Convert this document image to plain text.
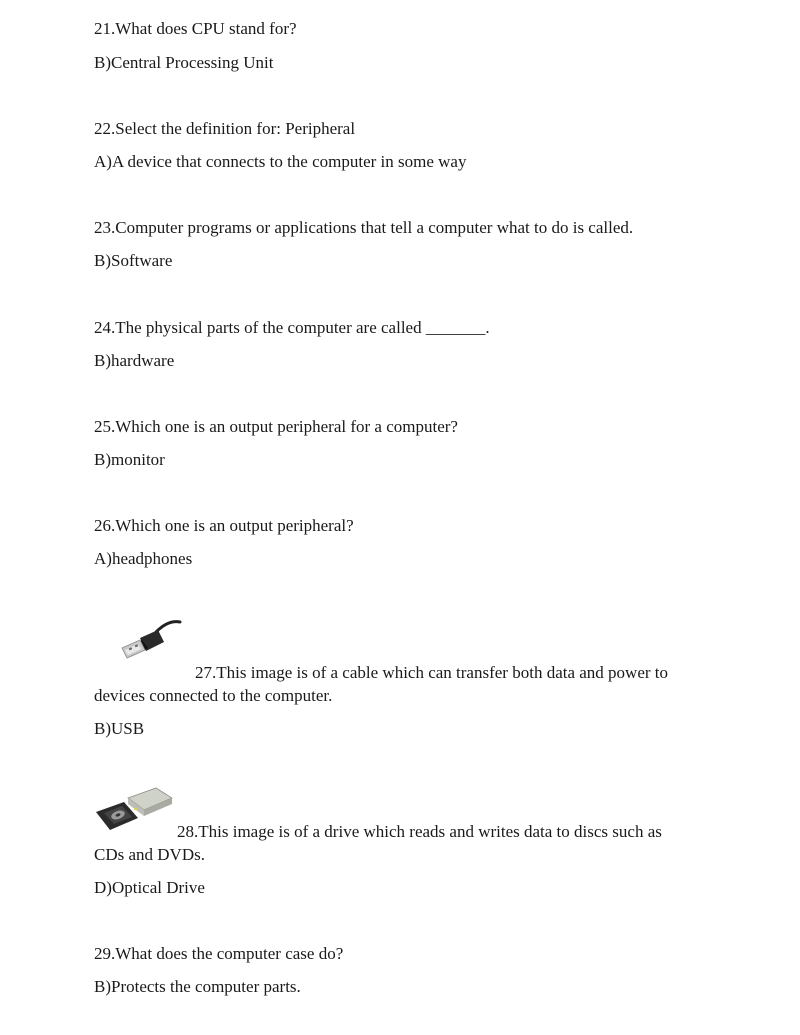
21.What does CPU stand for?
B)Central Processing Unit
22.Select the definition for: Peripheral
A)A device that connects to the computer in some way
23.Computer programs or applications that tell a computer what to do is called.
B)Software
24.The physical parts of the computer are called _______.
B)hardware
25.Which one is an output peripheral for a computer?
B)monitor
26.Which one is an output peripheral?
A)headphones
27.This image is of a cable which can transfer both data and power to
devices connected to the computer.
B)USB
28.This image is of a drive which reads and writes data to discs such as
CDs and DVDs.
D)Optical Drive
29.What does the computer case do?
B)Protects the computer parts.
